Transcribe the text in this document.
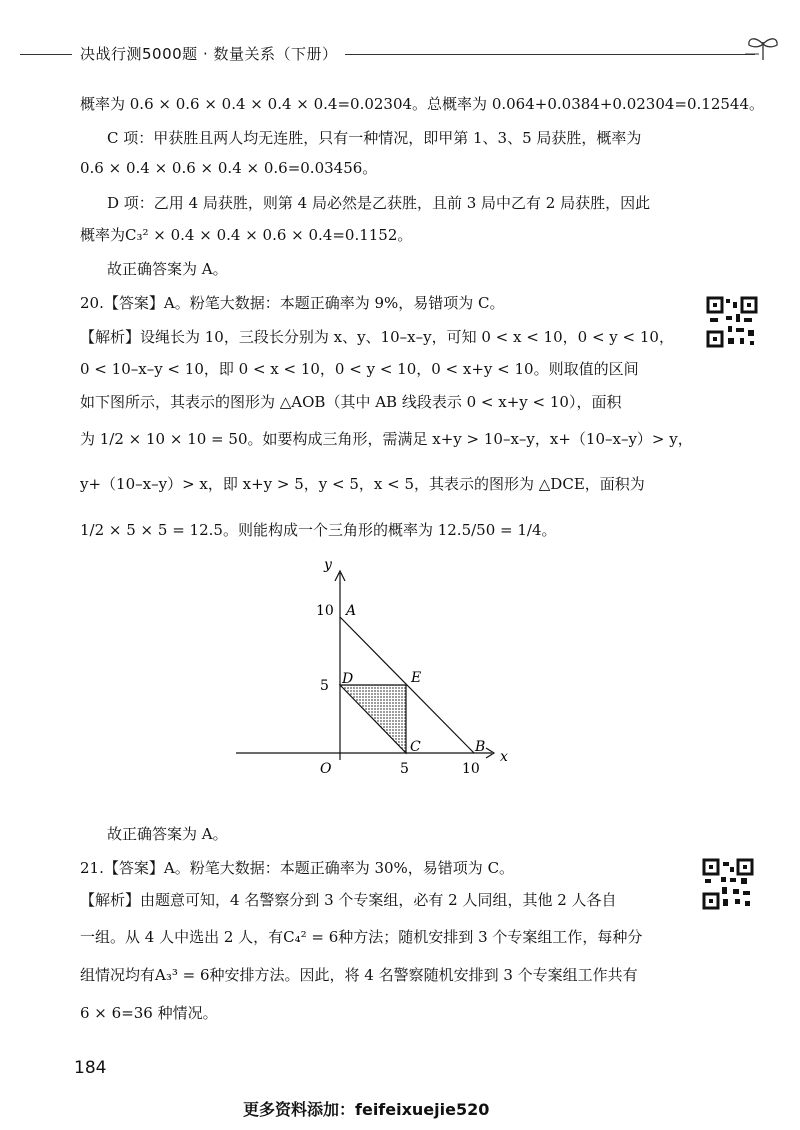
决战行测5000题 · 数量关系（下册）
概率为 0.6 × 0.6 × 0.4 × 0.4 × 0.4=0.02304。总概率为 0.064+0.0384+0.02304=0.12544。
C 项：甲获胜且两人均无连胜，只有一种情况，即甲第 1、3、5 局获胜，概率为
0.6 × 0.4 × 0.6 × 0.4 × 0.6=0.03456。
D 项：乙用 4 局获胜，则第 4 局必然是乙获胜，且前 3 局中乙有 2 局获胜，因此
概率为C₃² × 0.4 × 0.4 × 0.6 × 0.4=0.1152。
故正确答案为 A。
20.【答案】A。粉笔大数据：本题正确率为 9%，易错项为 C。
【解析】设绳长为 10，三段长分别为 x、y、10–x–y，可知 0 < x < 10，0 < y < 10，
0 < 10–x–y < 10，即 0 < x < 10，0 < y < 10，0 < x+y < 10。则取值的区间
如下图所示，其表示的图形为 △AOB（其中 AB 线段表示 0 < x+y < 10），面积
为 1/2 × 10 × 10 = 50。如要构成三角形，需满足 x+y > 10–x–y，x+（10–x–y）> y，
y+（10–x–y）> x，即 x+y > 5，y < 5，x < 5，其表示的图形为 △DCE，面积为
1/2 × 5 × 5 = 12.5。则能构成一个三角形的概率为 12.5/50 = 1/4。
y
x
O
10
5
5	10
A
B
C
D	E
故正确答案为 A。
21.【答案】A。粉笔大数据：本题正确率为 30%，易错项为 C。
【解析】由题意可知，4 名警察分到 3 个专案组，必有 2 人同组，其他 2 人各自
一组。从 4 人中选出 2 人，有C₄² = 6种方法；随机安排到 3 个专案组工作，每种分
组情况均有A₃³ = 6种安排方法。因此，将 4 名警察随机安排到 3 个专案组工作共有
6 × 6=36 种情况。
184
更多资料添加：feifeixuejie520
